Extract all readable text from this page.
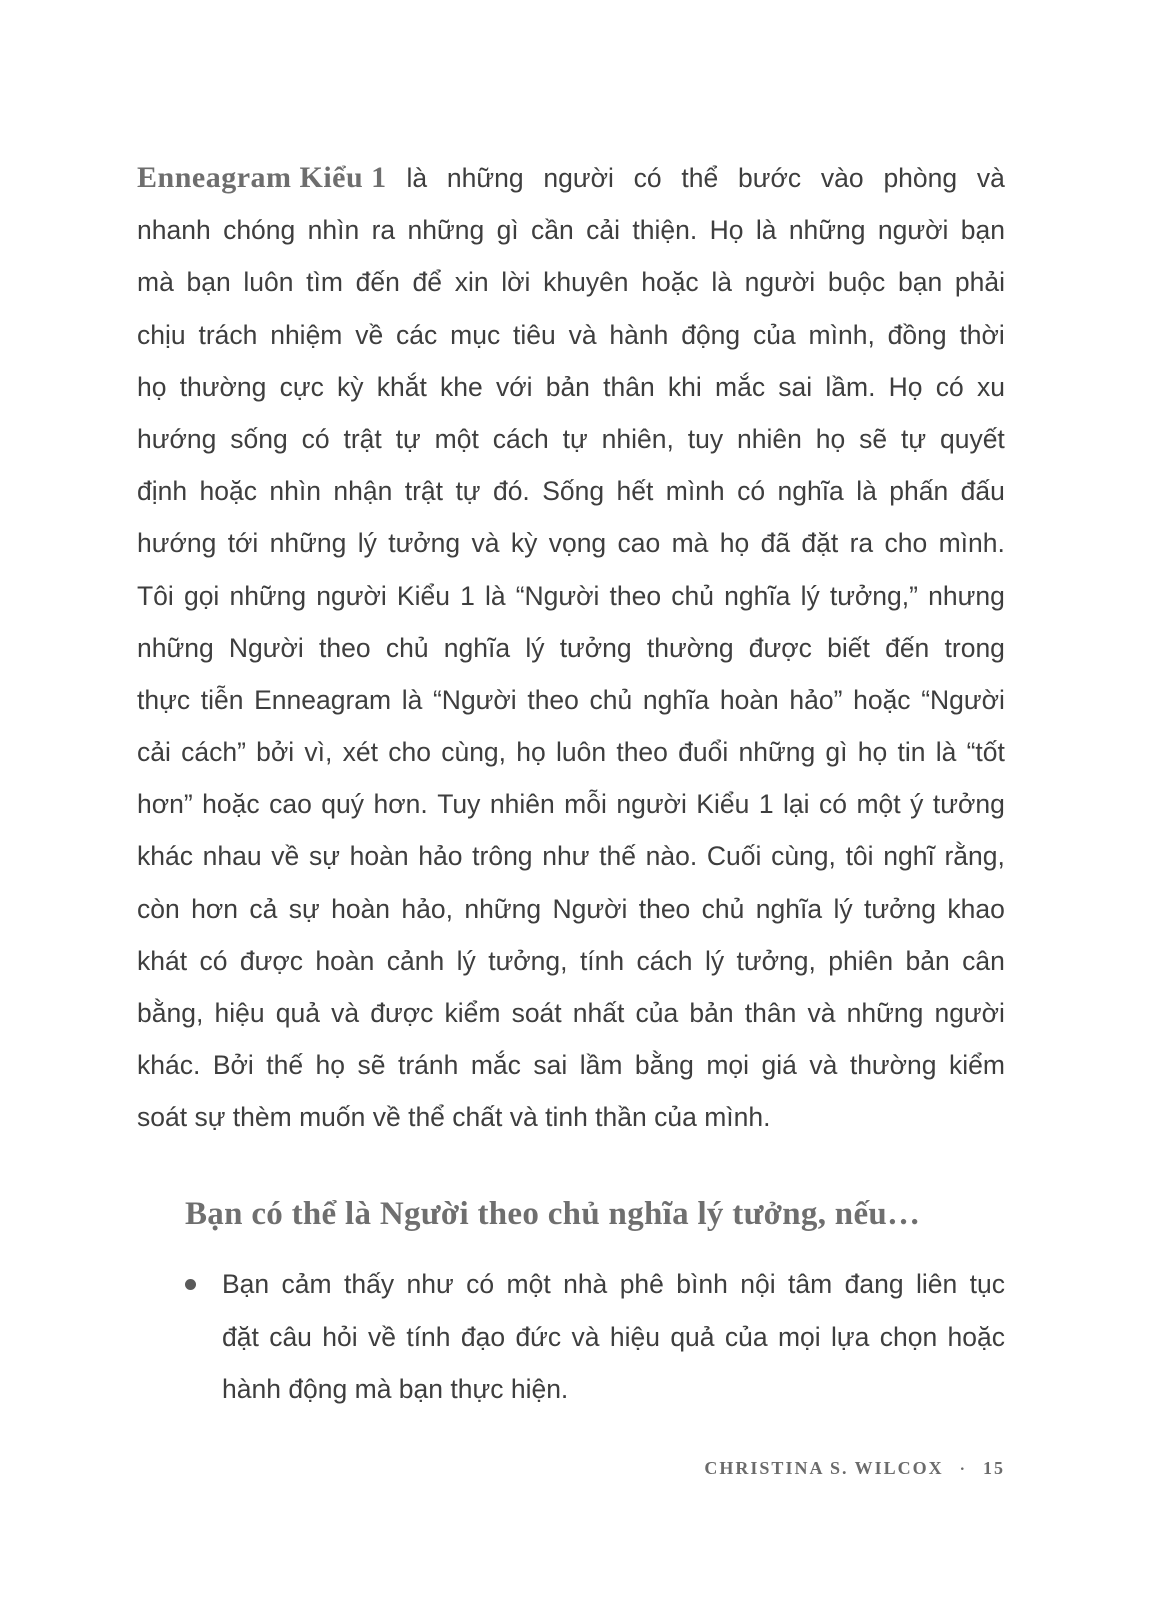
Enneagram Kiểu 1 là những người có thể bước vào phòng và
nhanh chóng nhìn ra những gì cần cải thiện. Họ là những người bạn
mà bạn luôn tìm đến để xin lời khuyên hoặc là người buộc bạn phải
chịu trách nhiệm về các mục tiêu và hành động của mình, đồng thời
họ thường cực kỳ khắt khe với bản thân khi mắc sai lầm. Họ có xu
hướng sống có trật tự một cách tự nhiên, tuy nhiên họ sẽ tự quyết
định hoặc nhìn nhận trật tự đó. Sống hết mình có nghĩa là phấn đấu
hướng tới những lý tưởng và kỳ vọng cao mà họ đã đặt ra cho mình.
Tôi gọi những người Kiểu 1 là “Người theo chủ nghĩa lý tưởng,” nhưng
những Người theo chủ nghĩa lý tưởng thường được biết đến trong
thực tiễn Enneagram là “Người theo chủ nghĩa hoàn hảo” hoặc “Người
cải cách” bởi vì, xét cho cùng, họ luôn theo đuổi những gì họ tin là “tốt
hơn” hoặc cao quý hơn. Tuy nhiên mỗi người Kiểu 1 lại có một ý tưởng
khác nhau về sự hoàn hảo trông như thế nào. Cuối cùng, tôi nghĩ rằng,
còn hơn cả sự hoàn hảo, những Người theo chủ nghĩa lý tưởng khao
khát có được hoàn cảnh lý tưởng, tính cách lý tưởng, phiên bản cân
bằng, hiệu quả và được kiểm soát nhất của bản thân và những người
khác. Bởi thế họ sẽ tránh mắc sai lầm bằng mọi giá và thường kiểm
soát sự thèm muốn về thể chất và tinh thần của mình.
Bạn có thể là Người theo chủ nghĩa lý tưởng, nếu…
Bạn cảm thấy như có một nhà phê bình nội tâm đang liên tục
đặt câu hỏi về tính đạo đức và hiệu quả của mọi lựa chọn hoặc
hành động mà bạn thực hiện.
CHRISTINA S. WILCOX · 15
